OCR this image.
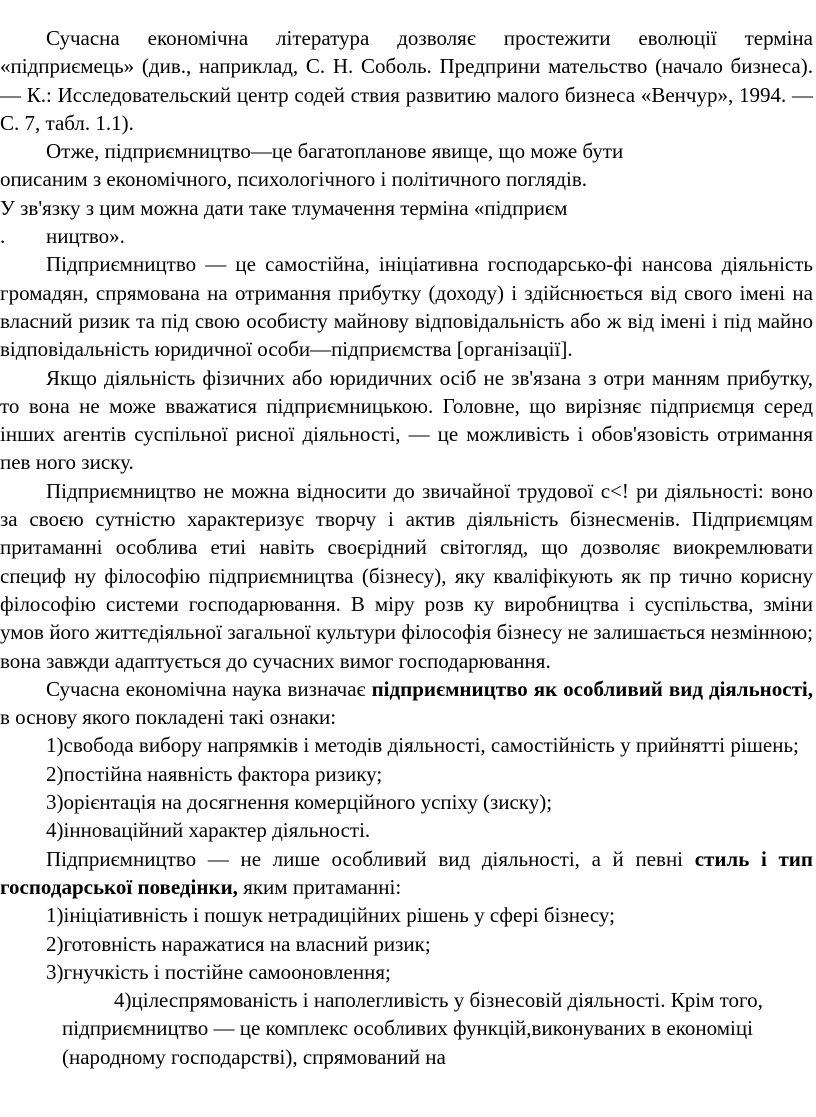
Сучасна економічна література дозволяє простежити еволюції терміна «підприємець» (див., наприклад, С. Н. Соболь. Предприни мательство (начало бизнеса). — К.: Исследовательский центр содей ствия развитию малого бизнеса «Венчур», 1994. — С. 7, табл. 1.1).

Отже, підприємництво—це багатопланове явище, що може бути

описаним з економічного, психологічного і політичного поглядів.

У зв'язку з цим можна дати таке тлумачення терміна «підприєм

. ництво».

Підприємництво — це самостійна, ініціативна господарсько-фі нансова діяльність громадян, спрямована на отримання прибутку (доходу) і здійснюється від свого імені на власний ризик та під свою особисту майнову відповідальність або ж від імені і під майно відповідальність юридичної особи—підприємства [організації].

Якщо діяльність фізичних або юридичних осіб не зв'язана з отри манням прибутку, то вона не може вважатися підприємницькою. Головне, що вирізняє підприємця серед інших агентів суспільної рисної діяльності, — це можливість і обов'язовість отримання пев ного зиску.

Підприємництво не можна відносити до звичайної трудової с<! ри діяльності: воно за своєю сутністю характеризує творчу і актив діяльність бізнесменів. Підприємцям притаманні особлива етиі навіть своєрідний світогляд, що дозволяє виокремлювати специф ну філософію підприємництва (бізнесу), яку кваліфікують як пр тично корисну філософію системи господарювання. В міру розв ку виробництва і суспільства, зміни умов його життєдіяльної загальної культури філософія бізнесу не залишається незмінною; вона завжди адаптується до сучасних вимог господарювання.

Сучасна економічна наука визначає підприємництво як особливий вид діяльності, в основу якого покладені такі ознаки:

1)свобода вибору напрямків і методів діяльності, самостійність у прийнятті рішень;

2)постійна наявність фактора ризику;

3)орієнтація на досягнення комерційного успіху (зиску);

4)інноваційний характер діяльності.

Підприємництво — не лише особливий вид діяльності, а й певні стиль і тип господарської поведінки, яким притаманні:

1)ініціативність і пошук нетрадиційних рішень у сфері бізнесу;

2)готовність наражатися на власний ризик;

3)гнучкість і постійне самооновлення;

4)цілеспрямованість і наполегливість у бізнесовій діяльності. Крім того, підприємництво — це комплекс особливих функцій,виконуваних в економіці (народному господарстві), спрямований на
